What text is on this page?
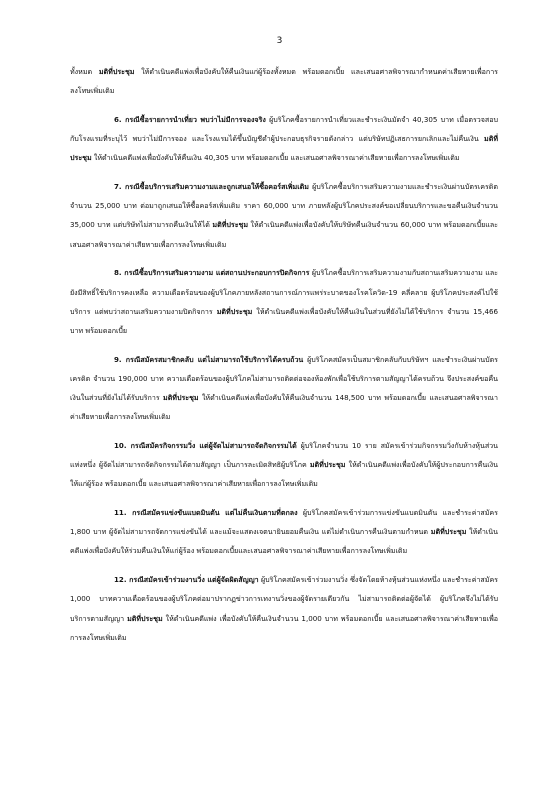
3

ทั้งหมด มติที่ประชุม ให้ดำเนินคดีแพ่งเพื่อบังคับให้คืนเงินแก่ผู้ร้องทั้งหมด พร้อมดอกเบี้ย และเสนอศาลพิจารณากำหนดค่าเสียหายเพื่อการลงโทษเพิ่มเติม

6. กรณีซื้อรายการนำเที่ยว พบว่าไม่มีการจองจริง ผู้บริโภคซื้อรายการนำเที่ยวและชำระเงินมัดจำ 40,305 บาท เมื่อตรวจสอบกับโรงแรมที่ระบุไว้ พบว่าไม่มีการจอง และโรงแรมได้ขึ้นบัญชีดำผู้ประกอบธุรกิจรายดังกล่าว แต่บริษัทปฏิเสธการยกเลิกและไม่คืนเงิน มติที่ประชุม ให้ดำเนินคดีแพ่งเพื่อบังคับให้คืนเงิน 40,305 บาท พร้อมดอกเบี้ย และเสนอศาลพิจารณาค่าเสียหายเพื่อการลงโทษเพิ่มเติม

7. กรณีซื้อบริการเสริมความงามและถูกเสนอให้ซื้อคอร์สเพิ่มเติม ผู้บริโภคซื้อบริการเสริมความงามและชำระเงินผ่านบัตรเครดิต จำนวน 25,000 บาท ต่อมาถูกเสนอให้ซื้อคอร์สเพิ่มเติม ราคา 60,000 บาท ภายหลังผู้บริโภคประสงค์ขอเปลี่ยนบริการและขอคืนเงินจำนวน 35,000 บาท แต่บริษัทไม่สามารถคืนเงินให้ได้ มติที่ประชุม ให้ดำเนินคดีแพ่งเพื่อบังคับให้บริษัทคืนเงินจำนวน 60,000 บาท พร้อมดอกเบี้ยและเสนอศาลพิจารณาค่าเสียหายเพื่อการลงโทษเพิ่มเติม

8. กรณีซื้อบริการเสริมความงาม แต่สถานประกอบการปิดกิจการ ผู้บริโภคซื้อบริการเสริมความงามกับสถานเสริมความงาม และยังมีสิทธิ์ใช้บริการคงเหลือ ความเดือดร้อนของผู้บริโภคภายหลังสถานการณ์การแพร่ระบาดของโรคโควิด-19 คลี่คลาย ผู้บริโภคประสงค์ไปใช้บริการ แต่พบว่าสถานเสริมความงามปิดกิจการ มติที่ประชุม ให้ดำเนินคดีแพ่งเพื่อบังคับให้คืนเงินในส่วนที่ยังไม่ได้ใช้บริการ จำนวน 15,466 บาท พร้อมดอกเบี้ย

9. กรณีสมัครสมาชิกคลับ แต่ไม่สามารถใช้บริการได้ครบถ้วน ผู้บริโภคสมัครเป็นสมาชิกคลับกับบริษัทฯ และชำระเงินผ่านบัตรเครดิต จำนวน 190,000 บาท ความเดือดร้อนของผู้บริโภคไม่สามารถติดต่อจองห้องพักเพื่อใช้บริการตามสัญญาได้ครบถ้วน จึงประสงค์ขอคืนเงินในส่วนที่ยังไม่ได้รับบริการ มติที่ประชุม ให้ดำเนินคดีแพ่งเพื่อบังคับให้คืนเงินจำนวน 148,500 บาท พร้อมดอกเบี้ย และเสนอศาลพิจารณาค่าเสียหายเพื่อการลงโทษเพิ่มเติม

10. กรณีสมัครกิจกรรมวิ่ง แต่ผู้จัดไม่สามารถจัดกิจกรรมได้ ผู้บริโภคจำนวน 10 ราย สมัครเข้าร่วมกิจกรรมวิ่งกับห้างหุ้นส่วนแห่งหนึ่ง ผู้จัดไม่สามารถจัดกิจกรรมได้ตามสัญญา เป็นการละเมิดสิทธิผู้บริโภค มติที่ประชุม ให้ดำเนินคดีแพ่งเพื่อบังคับให้ผู้ประกอบการคืนเงินให้แก่ผู้ร้อง พร้อมดอกเบี้ย และเสนอศาลพิจารณาค่าเสียหายเพื่อการลงโทษเพิ่มเติม

11. กรณีสมัครแข่งขันแบดมินตัน แต่ไม่คืนเงินตามที่ตกลง ผู้บริโภคสมัครเข้าร่วมการแข่งขันแบดมินตัน และชำระค่าสมัคร 1,800 บาท ผู้จัดไม่สามารถจัดการแข่งขันได้ และแม้จะแสดงเจตนายินยอมคืนเงิน แต่ไม่ดำเนินการคืนเงินตามกำหนด มติที่ประชุม ให้ดำเนินคดีแพ่งเพื่อบังคับให้ร่วมคืนเงินให้แก่ผู้ร้อง พร้อมดอกเบี้ยและเสนอศาลพิจารณาค่าเสียหายเพื่อการลงโทษเพิ่มเติม

12. กรณีสมัครเข้าร่วมงานวิ่ง แต่ผู้จัดผิดสัญญา ผู้บริโภคสมัครเข้าร่วมงานวิ่ง ซึ่งจัดโดยห้างหุ้นส่วนแห่งหนึ่ง และชำระค่าสมัคร 1,000 บาทความเดือดร้อนของผู้บริโภคต่อมาปรากฏข่าวการเทงานวิ่งของผู้จัดรายเดียวกัน ไม่สามารถติดต่อผู้จัดได้ ผู้บริโภคจึงไม่ได้รับบริการตามสัญญา มติที่ประชุม ให้ดำเนินคดีแพ่ง เพื่อบังคับให้คืนเงินจำนวน 1,000 บาท พร้อมดอกเบี้ย และเสนอศาลพิจารณาค่าเสียหายเพื่อการลงโทษเพิ่มเติม
